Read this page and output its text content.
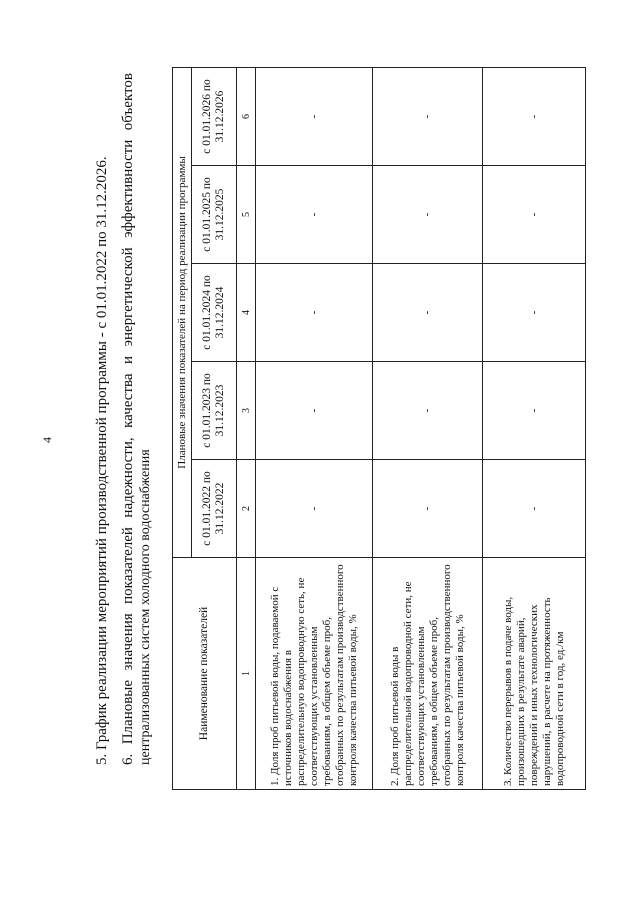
4	5. График реализации мероприятий производственной программы - с 01.01.2022 по 31.12.2026. 6. Плановые значения показателей надежности, качества и энергетической эффективности объектов централизованных систем холодного водоснабжения	Наименование показателей	Плановые значения показателей на период реализации программы				
	с 01.01.2022 по 31.12.2022	с 01.01.2023 по 31.12.2023	с 01.01.2024 по 31.12.2024	с 01.01.2025 по 31.12.2025	с 01.01.2026 по 31.12.2026
1	2	3	4	5	6
1. Доля проб питьевой воды, подаваемой с источников водоснабжения в распределительную водопроводную сеть, не соответствующих установленным требованиям, в общем объеме проб, отобранных по результатам производственного контроля качества питьевой воды, %	-	-	-	-	-
2. Доля проб питьевой воды в распределительной водопроводной сети, не соответствующих установленным требованиям, в общем объеме проб, отобранных по результатам производственного контроля качества питьевой воды, %	-	-	-	-	-
3. Количество перерывов в подаче воды, произошедших в результате аварий, повреждений и иных технологических нарушений, в расчете на протяженность водопроводной сети в год, ед./км	-	-	-	-	-
